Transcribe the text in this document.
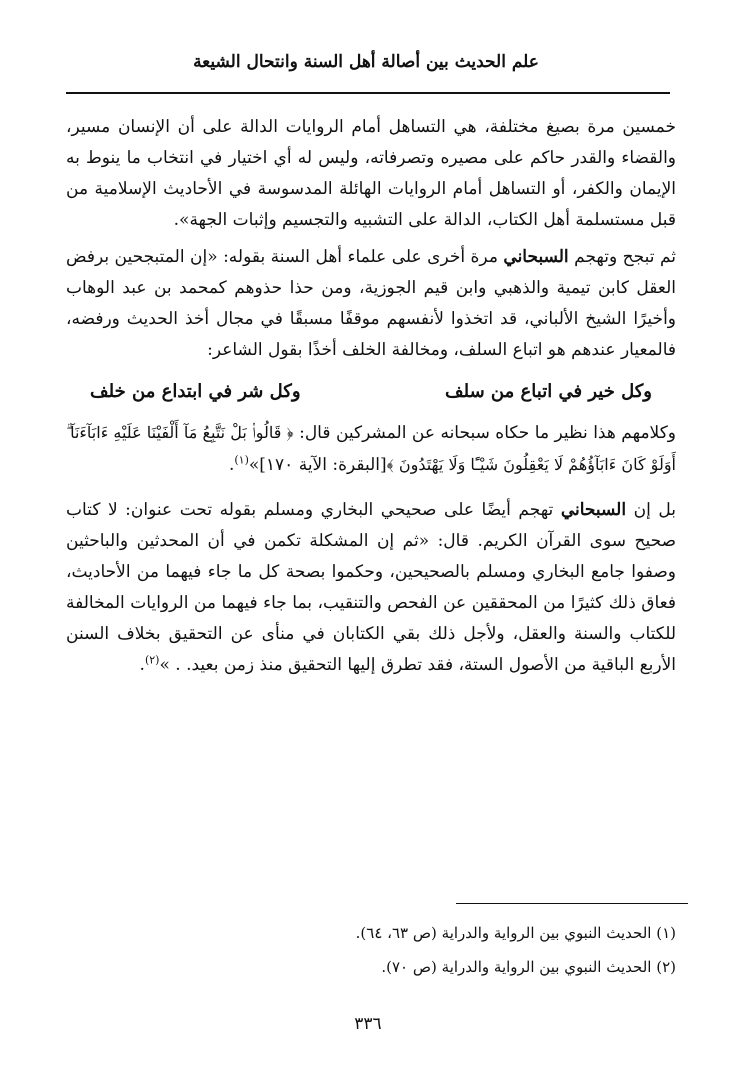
علم الحديث بين أصالة أهل السنة وانتحال الشيعة

خمسين مرة بصيغ مختلفة، هي التساهل أمام الروايات الدالة على أن الإنسان مسير، والقضاء والقدر حاكم على مصيره وتصرفاته، وليس له أي اختيار في انتخاب ما ينوط به الإيمان والكفر، أو التساهل أمام الروايات الهائلة المدسوسة في الأحاديث الإسلامية من قبل مستسلمة أهل الكتاب، الدالة على التشبيه والتجسيم وإثبات الجهة».

ثم تبجح وتهجم السبحاني مرة أخرى على علماء أهل السنة بقوله: «إن المتبجحين برفض العقل كابن تيمية والذهبي وابن قيم الجوزية، ومن حذا حذوهم كمحمد بن عبد الوهاب وأخيرًا الشيخ الألباني، قد اتخذوا لأنفسهم موقفًا مسبقًا في مجال أخذ الحديث ورفضه، فالمعيار عندهم هو اتباع السلف، ومخالفة الخلف أخذًا بقول الشاعر:

وكل خير في اتباع من سلف
وكل شر في ابتداع من خلف

وكلامهم هذا نظير ما حكاه سبحانه عن المشركين قال: ﴿ قَالُوا۟ بَلْ نَتَّبِعُ مَآ أَلْفَيْنَا عَلَيْهِ ءَابَآءَنَآ ۗ أَوَلَوْ كَانَ ءَابَآؤُهُمْ لَا يَعْقِلُونَ شَيْـًٔا وَلَا يَهْتَدُونَ ﴾[البقرة: الآية ١٧٠]»$^{(١)}$.

بل إن السبحاني تهجم أيضًا على صحيحي البخاري ومسلم بقوله تحت عنوان: لا كتاب صحيح سوى القرآن الكريم. قال: «ثم إن المشكلة تكمن في أن المحدثين والباحثين وصفوا جامع البخاري ومسلم بالصحيحين، وحكموا بصحة كل ما جاء فيهما من الأحاديث، فعاق ذلك كثيرًا من المحققين عن الفحص والتنقيب، بما جاء فيهما من الروايات المخالفة للكتاب والسنة والعقل، ولأجل ذلك بقي الكتابان في منأى عن التحقيق بخلاف السنن الأربع الباقية من الأصول الستة، فقد تطرق إليها التحقيق منذ زمن بعيد. . »$^{(٢)}$.

(١) الحديث النبوي بين الرواية والدراية (ص ٦٣، ٦٤).

(٢) الحديث النبوي بين الرواية والدراية (ص ٧٠).

٣٣٦
